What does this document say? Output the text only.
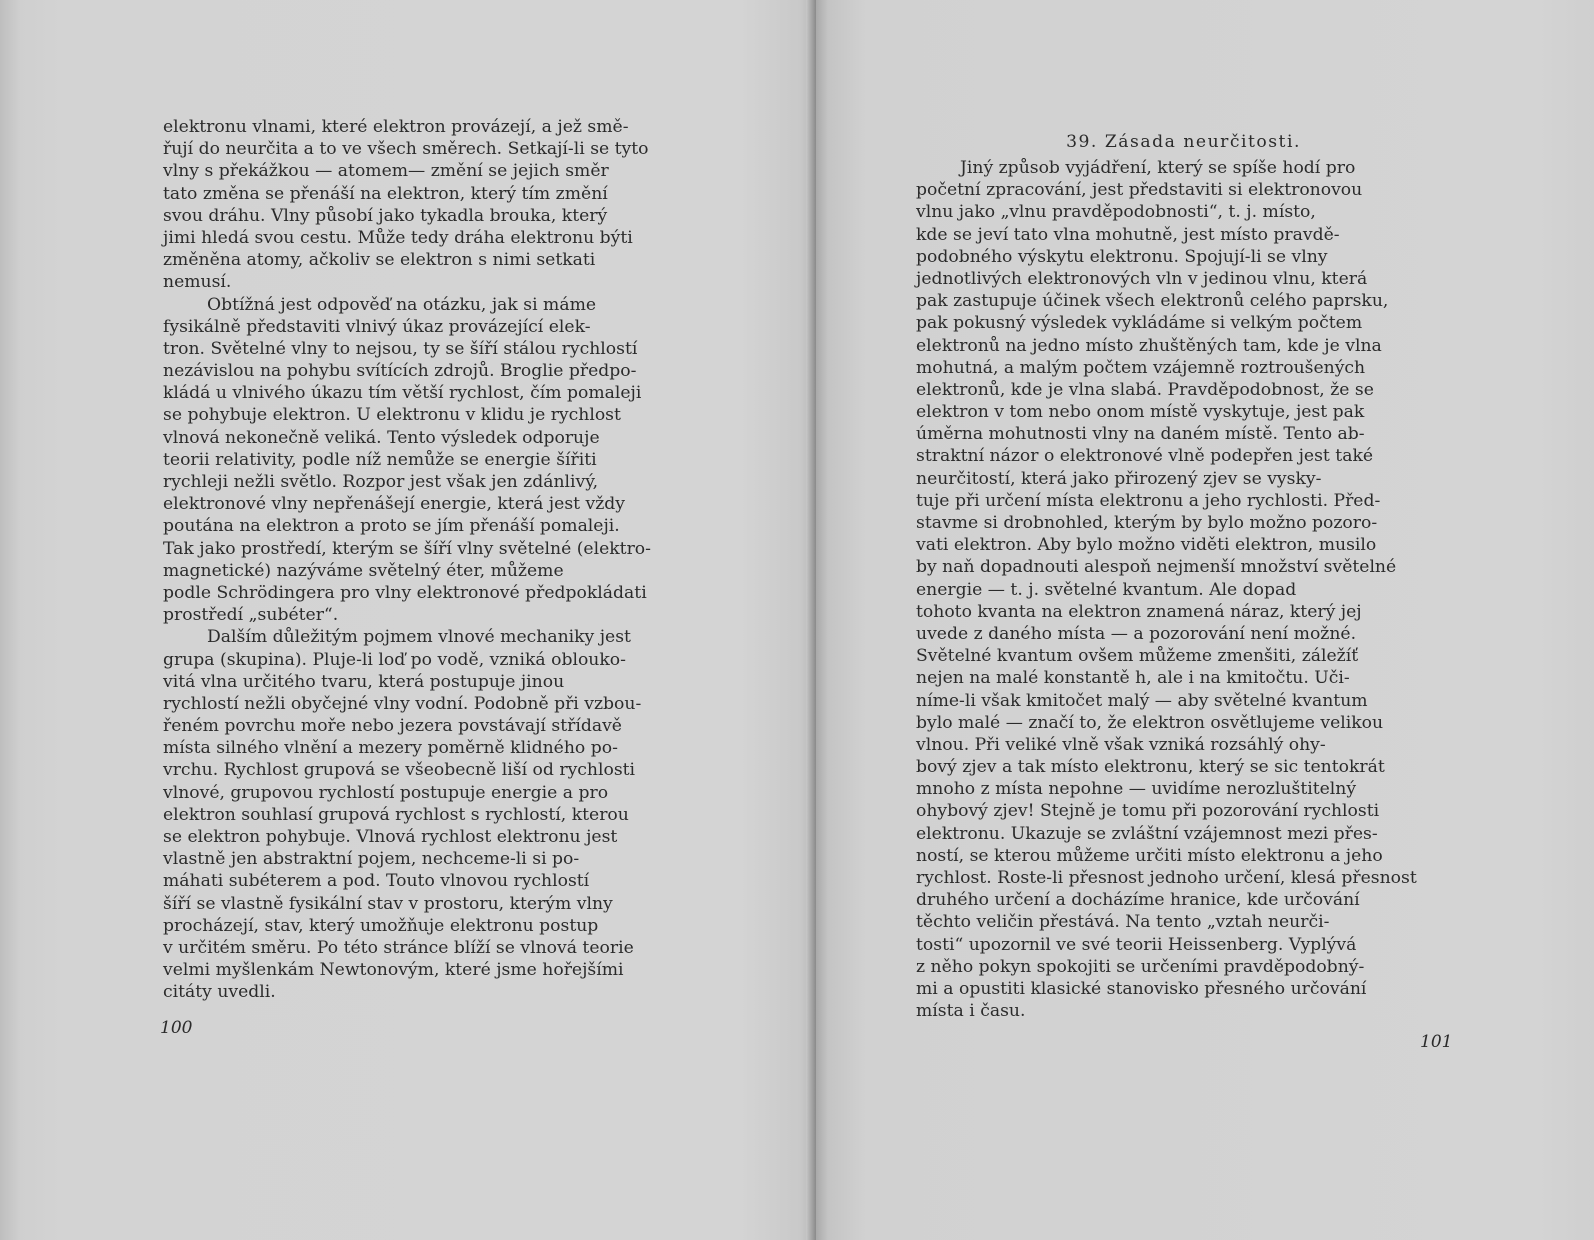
elektronu vlnami, které elektron provázejí, a jež smě-
řují do neurčita a to ve všech směrech. Setkají-li se tyto
vlny s překážkou — atomem— změní se jejich směr
tato změna se přenáší na elektron, který tím změní
svou dráhu. Vlny působí jako tykadla brouka, který
jimi hledá svou cestu. Může tedy dráha elektronu býti
změněna atomy, ačkoliv se elektron s nimi setkati
nemusí.
Obtížná jest odpověď na otázku, jak si máme
fysikálně představiti vlnivý úkaz provázející elek-
tron. Světelné vlny to nejsou, ty se šíří stálou rychlostí
nezávislou na pohybu svítících zdrojů. Broglie předpo-
kládá u vlnivého úkazu tím větší rychlost, čím pomaleji
se pohybuje elektron. U elektronu v klidu je rychlost
vlnová nekonečně veliká. Tento výsledek odporuje
teorii relativity, podle níž nemůže se energie šířiti
rychleji nežli světlo. Rozpor jest však jen zdánlivý,
elektronové vlny nepřenášejí energie, která jest vždy
poutána na elektron a proto se jím přenáší pomaleji.
Tak jako prostředí, kterým se šíří vlny světelné (elektro-
magnetické) nazýváme světelný éter, můžeme
podle Schrödingera pro vlny elektronové předpokládati
prostředí „subéter“.
Dalším důležitým pojmem vlnové mechaniky jest
grupa (skupina). Pluje-li loď po vodě, vzniká oblouko-
vitá vlna určitého tvaru, která postupuje jinou
rychlostí nežli obyčejné vlny vodní. Podobně při vzbou-
řeném povrchu moře nebo jezera povstávají střídavě
místa silného vlnění a mezery poměrně klidného po-
vrchu. Rychlost grupová se všeobecně liší od rychlosti
vlnové, grupovou rychlostí postupuje energie a pro
elektron souhlasí grupová rychlost s rychlostí, kterou
se elektron pohybuje. Vlnová rychlost elektronu jest
vlastně jen abstraktní pojem, nechceme-li si po-
máhati subéterem a pod. Touto vlnovou rychlostí
šíří se vlastně fysikální stav v prostoru, kterým vlny
procházejí, stav, který umožňuje elektronu postup
v určitém směru. Po této stránce blíží se vlnová teorie
velmi myšlenkám Newtonovým, které jsme hořejšími
citáty uvedli.
100
39. Zásada neurčitosti.
Jiný způsob vyjádření, který se spíše hodí pro
početní zpracování, jest představiti si elektronovou
vlnu jako „vlnu pravděpodobnosti“, t. j. místo,
kde se jeví tato vlna mohutně, jest místo pravdě-
podobného výskytu elektronu. Spojují-li se vlny
jednotlivých elektronových vln v jedinou vlnu, která
pak zastupuje účinek všech elektronů celého paprsku,
pak pokusný výsledek vykládáme si velkým počtem
elektronů na jedno místo zhuštěných tam, kde je vlna
mohutná, a malým počtem vzájemně roztroušených
elektronů, kde je vlna slabá. Pravděpodobnost, že se
elektron v tom nebo onom místě vyskytuje, jest pak
úměrna mohutnosti vlny na daném místě. Tento ab-
straktní názor o elektronové vlně podepřen jest také
neurčitostí, která jako přirozený zjev se vysky-
tuje při určení místa elektronu a jeho rychlosti. Před-
stavme si drobnohled, kterým by bylo možno pozoro-
vati elektron. Aby bylo možno viděti elektron, musilo
by naň dopadnouti alespoň nejmenší množství světelné
energie — t. j. světelné kvantum. Ale dopad
tohoto kvanta na elektron znamená náraz, který jej
uvede z daného místa — a pozorování není možné.
Světelné kvantum ovšem můžeme zmenšiti, záležíť
nejen na malé konstantě h, ale i na kmitočtu. Uči-
níme-li však kmitočet malý — aby světelné kvantum
bylo malé — značí to, že elektron osvětlujeme velikou
vlnou. Při veliké vlně však vzniká rozsáhlý ohy-
bový zjev a tak místo elektronu, který se sic tentokrát
mnoho z místa nepohne — uvidíme nerozluštitelný
ohybový zjev! Stejně je tomu při pozorování rychlosti
elektronu. Ukazuje se zvláštní vzájemnost mezi přes-
ností, se kterou můžeme určiti místo elektronu a jeho
rychlost. Roste-li přesnost jednoho určení, klesá přesnost
druhého určení a docházíme hranice, kde určování
těchto veličin přestává. Na tento „vztah neurči-
tosti“ upozornil ve své teorii Heissenberg. Vyplývá
z něho pokyn spokojiti se určeními pravděpodobný-
mi a opustiti klasické stanovisko přesného určování
místa i času.
101
